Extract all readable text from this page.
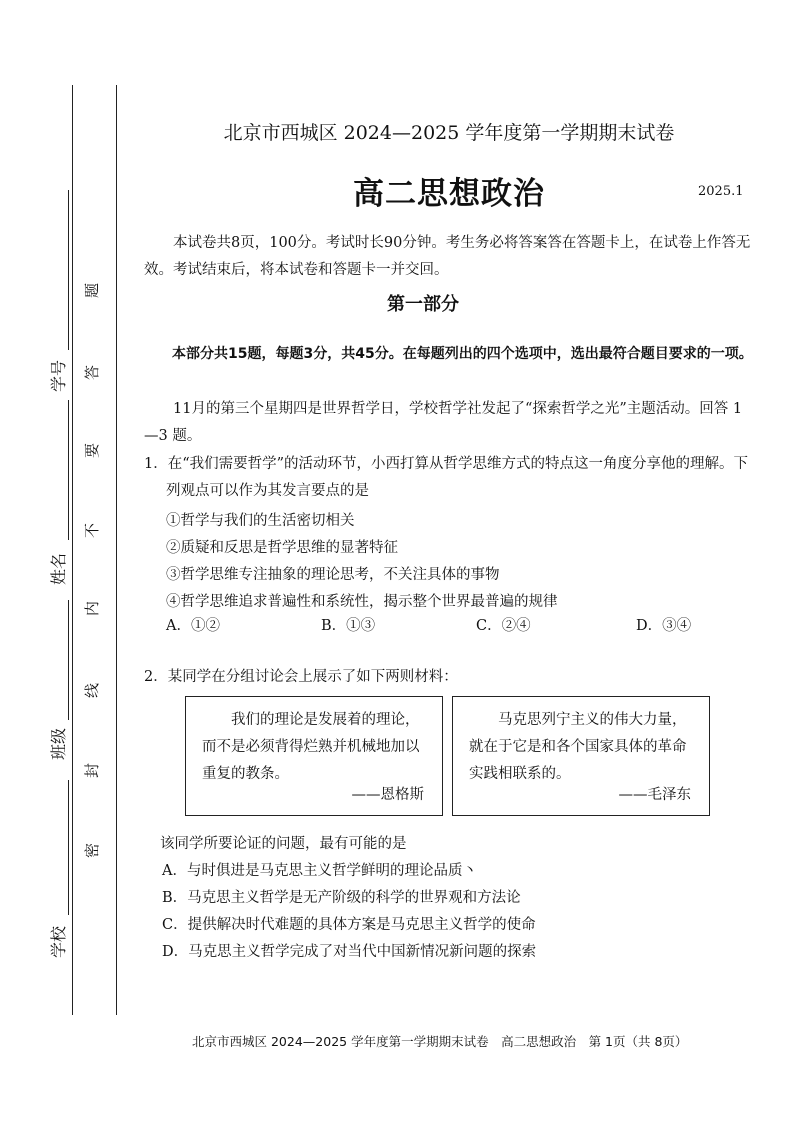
学号
姓名
班级
学校
题
答
要
不
内
线
封
密
北京市西城区 2024—2025 学年度第一学期期末试卷
高二思想政治	2025.1
本试卷共8页，100分。考试时长90分钟。考生务必将答案答在答题卡上，在试卷上作答无效。考试结束后，将本试卷和答题卡一并交回。
第一部分
本部分共15题，每题3分，共45分。在每题列出的四个选项中，选出最符合题目要求的一项。
11月的第三个星期四是世界哲学日，学校哲学社发起了“探索哲学之光”主题活动。回答 1—3 题。
1．在“我们需要哲学”的活动环节，小西打算从哲学思维方式的特点这一角度分享他的理解。下列观点可以作为其发言要点的是
①哲学与我们的生活密切相关
②质疑和反思是哲学思维的显著特征
③哲学思维专注抽象的理论思考，不关注具体的事物
④哲学思维追求普遍性和系统性，揭示整个世界最普遍的规律
A．①②	B．①③	C．②④	D．③④
2．某同学在分组讨论会上展示了如下两则材料：
我们的理论是发展着的理论，而不是必须背得烂熟并机械地加以重复的教条。
——恩格斯
马克思列宁主义的伟大力量，就在于它是和各个国家具体的革命实践相联系的。
——毛泽东
该同学所要论证的问题，最有可能的是
A．与时俱进是马克思主义哲学鲜明的理论品质丶
B．马克思主义哲学是无产阶级的科学的世界观和方法论
C．提供解决时代难题的具体方案是马克思主义哲学的使命
D．马克思主义哲学完成了对当代中国新情况新问题的探索
北京市西城区 2024—2025 学年度第一学期期末试卷　高二思想政治　第 1页（共 8页）
